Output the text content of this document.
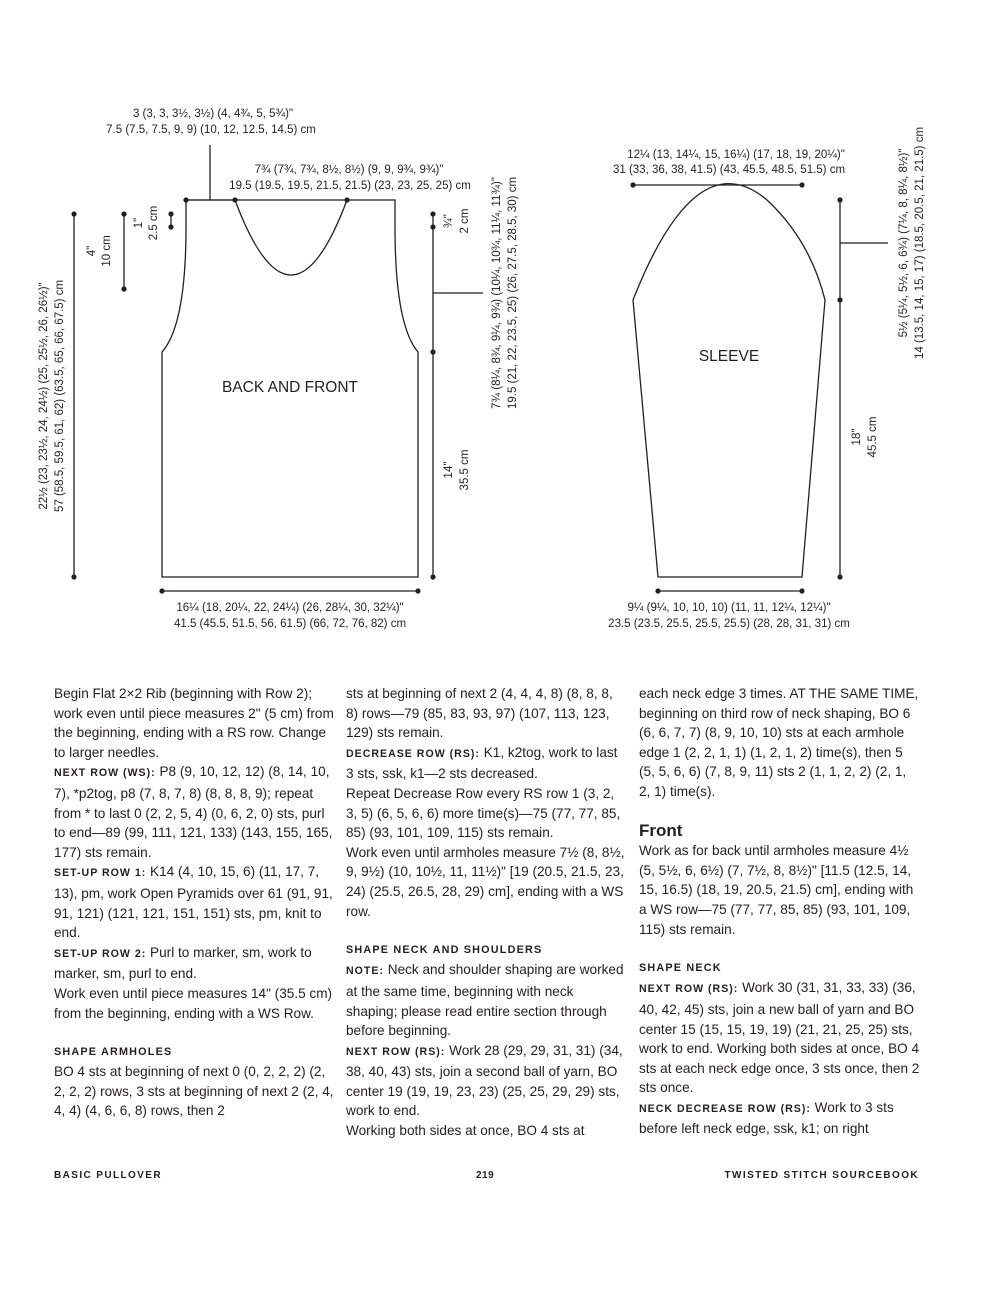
BACK AND FRONT
SLEEVE
3 (3, 3, 3½, 3½) (4, 4¾, 5, 5¾)"
7.5 (7.5, 7.5, 9, 9) (10, 12, 12.5, 14.5) cm
7¾ (7¾, 7¾, 8½, 8½) (9, 9, 9¾, 9¾)"
19.5 (19.5, 19.5, 21.5, 21.5) (23, 23, 25, 25) cm
16¼ (18, 20¼, 22, 24¼) (26, 28¼, 30, 32¼)"
41.5 (45.5, 51.5, 56, 61.5) (66, 72, 76, 82) cm
1" 2.5 cm
4" 10 cm
22½ (23, 23½, 24, 24½) (25, 25½, 26, 26½)" 57 (58.5, 59.5, 61, 62) (63.5, 65, 66, 67.5) cm
¾" 2 cm 7¾ (8¼, 8¾, 9¼, 9¾) (10¼, 10¾, 11¼, 11¾)" 19.5 (21, 22, 23.5, 25) (26, 27.5, 28.5, 30) cm
14" 35.5 cm
12¼ (13, 14¼, 15, 16¼) (17, 18, 19, 20¼)"
31 (33, 36, 38, 41.5) (43, 45.5, 48.5, 51.5) cm	5½ (5¼, 5½, 6, 6¾) (7¼, 8, 8¼, 8½)" 14 (13.5, 14, 15, 17) (18.5, 20.5, 21, 21.5) cm
18" 45.5 cm
9¼ (9¼, 10, 10, 10) (11, 11, 12¼, 12¼)"
23.5 (23.5, 25.5, 25.5, 25.5) (28, 28, 31, 31) cm

Begin Flat 2×2 Rib (beginning with Row 2); work even until piece measures 2" (5 cm) from the beginning, ending with a RS row. Change to larger needles.

NEXT ROW (WS): P8 (9, 10, 12, 12) (8, 14, 10, 7), *p2tog, p8 (7, 8, 7, 8) (8, 8, 8, 9); repeat from * to last 0 (2, 2, 5, 4) (0, 6, 2, 0) sts, purl to end—89 (99, 111, 121, 133) (143, 155, 165, 177) sts remain.

SET-UP ROW 1: K14 (4, 10, 15, 6) (11, 17, 7, 13), pm, work Open Pyramids over 61 (91, 91, 91, 121) (121, 121, 151, 151) sts, pm, knit to end.

SET-UP ROW 2: Purl to marker, sm, work to marker, sm, purl to end.

Work even until piece measures 14" (35.5 cm) from the beginning, ending with a WS Row.

SHAPE ARMHOLES

BO 4 sts at beginning of next 0 (0, 2, 2, 2) (2, 2, 2, 2) rows, 3 sts at beginning of next 2 (2, 4, 4, 4) (4, 6, 6, 8) rows, then 2

sts at beginning of next 2 (4, 4, 4, 8) (8, 8, 8, 8) rows—79 (85, 83, 93, 97) (107, 113, 123, 129) sts remain.

DECREASE ROW (RS): K1, k2tog, work to last 3 sts, ssk, k1—2 sts decreased.

Repeat Decrease Row every RS row 1 (3, 2, 3, 5) (6, 5, 6, 6) more time(s)—75 (77, 77, 85, 85) (93, 101, 109, 115) sts remain.

Work even until armholes measure 7½ (8, 8½, 9, 9½) (10, 10½, 11, 11½)" [19 (20.5, 21.5, 23, 24) (25.5, 26.5, 28, 29) cm], ending with a WS row.

SHAPE NECK AND SHOULDERS

NOTE: Neck and shoulder shaping are worked at the same time, beginning with neck shaping; please read entire section through before beginning.

NEXT ROW (RS): Work 28 (29, 29, 31, 31) (34, 38, 40, 43) sts, join a second ball of yarn, BO center 19 (19, 19, 23, 23) (25, 25, 29, 29) sts, work to end.

Working both sides at once, BO 4 sts at

each neck edge 3 times. AT THE SAME TIME, beginning on third row of neck shaping, BO 6 (6, 6, 7, 7) (8, 9, 10, 10) sts at each armhole edge 1 (2, 2, 1, 1) (1, 2, 1, 2) time(s), then 5 (5, 5, 6, 6) (7, 8, 9, 11) sts 2 (1, 1, 2, 2) (2, 1, 2, 1) time(s).

Front

Work as for back until armholes measure 4½ (5, 5½, 6, 6½) (7, 7½, 8, 8½)" [11.5 (12.5, 14, 15, 16.5) (18, 19, 20.5, 21.5) cm], ending with a WS row—75 (77, 77, 85, 85) (93, 101, 109, 115) sts remain.

SHAPE NECK

NEXT ROW (RS): Work 30 (31, 31, 33, 33) (36, 40, 42, 45) sts, join a new ball of yarn and BO center 15 (15, 15, 19, 19) (21, 21, 25, 25) sts, work to end. Working both sides at once, BO 4 sts at each neck edge once, 3 sts once, then 2 sts once.

NECK DECREASE ROW (RS): Work to 3 sts before left neck edge, ssk, k1; on right

BASIC PULLOVER	219	TWISTED STITCH SOURCEBOOK
